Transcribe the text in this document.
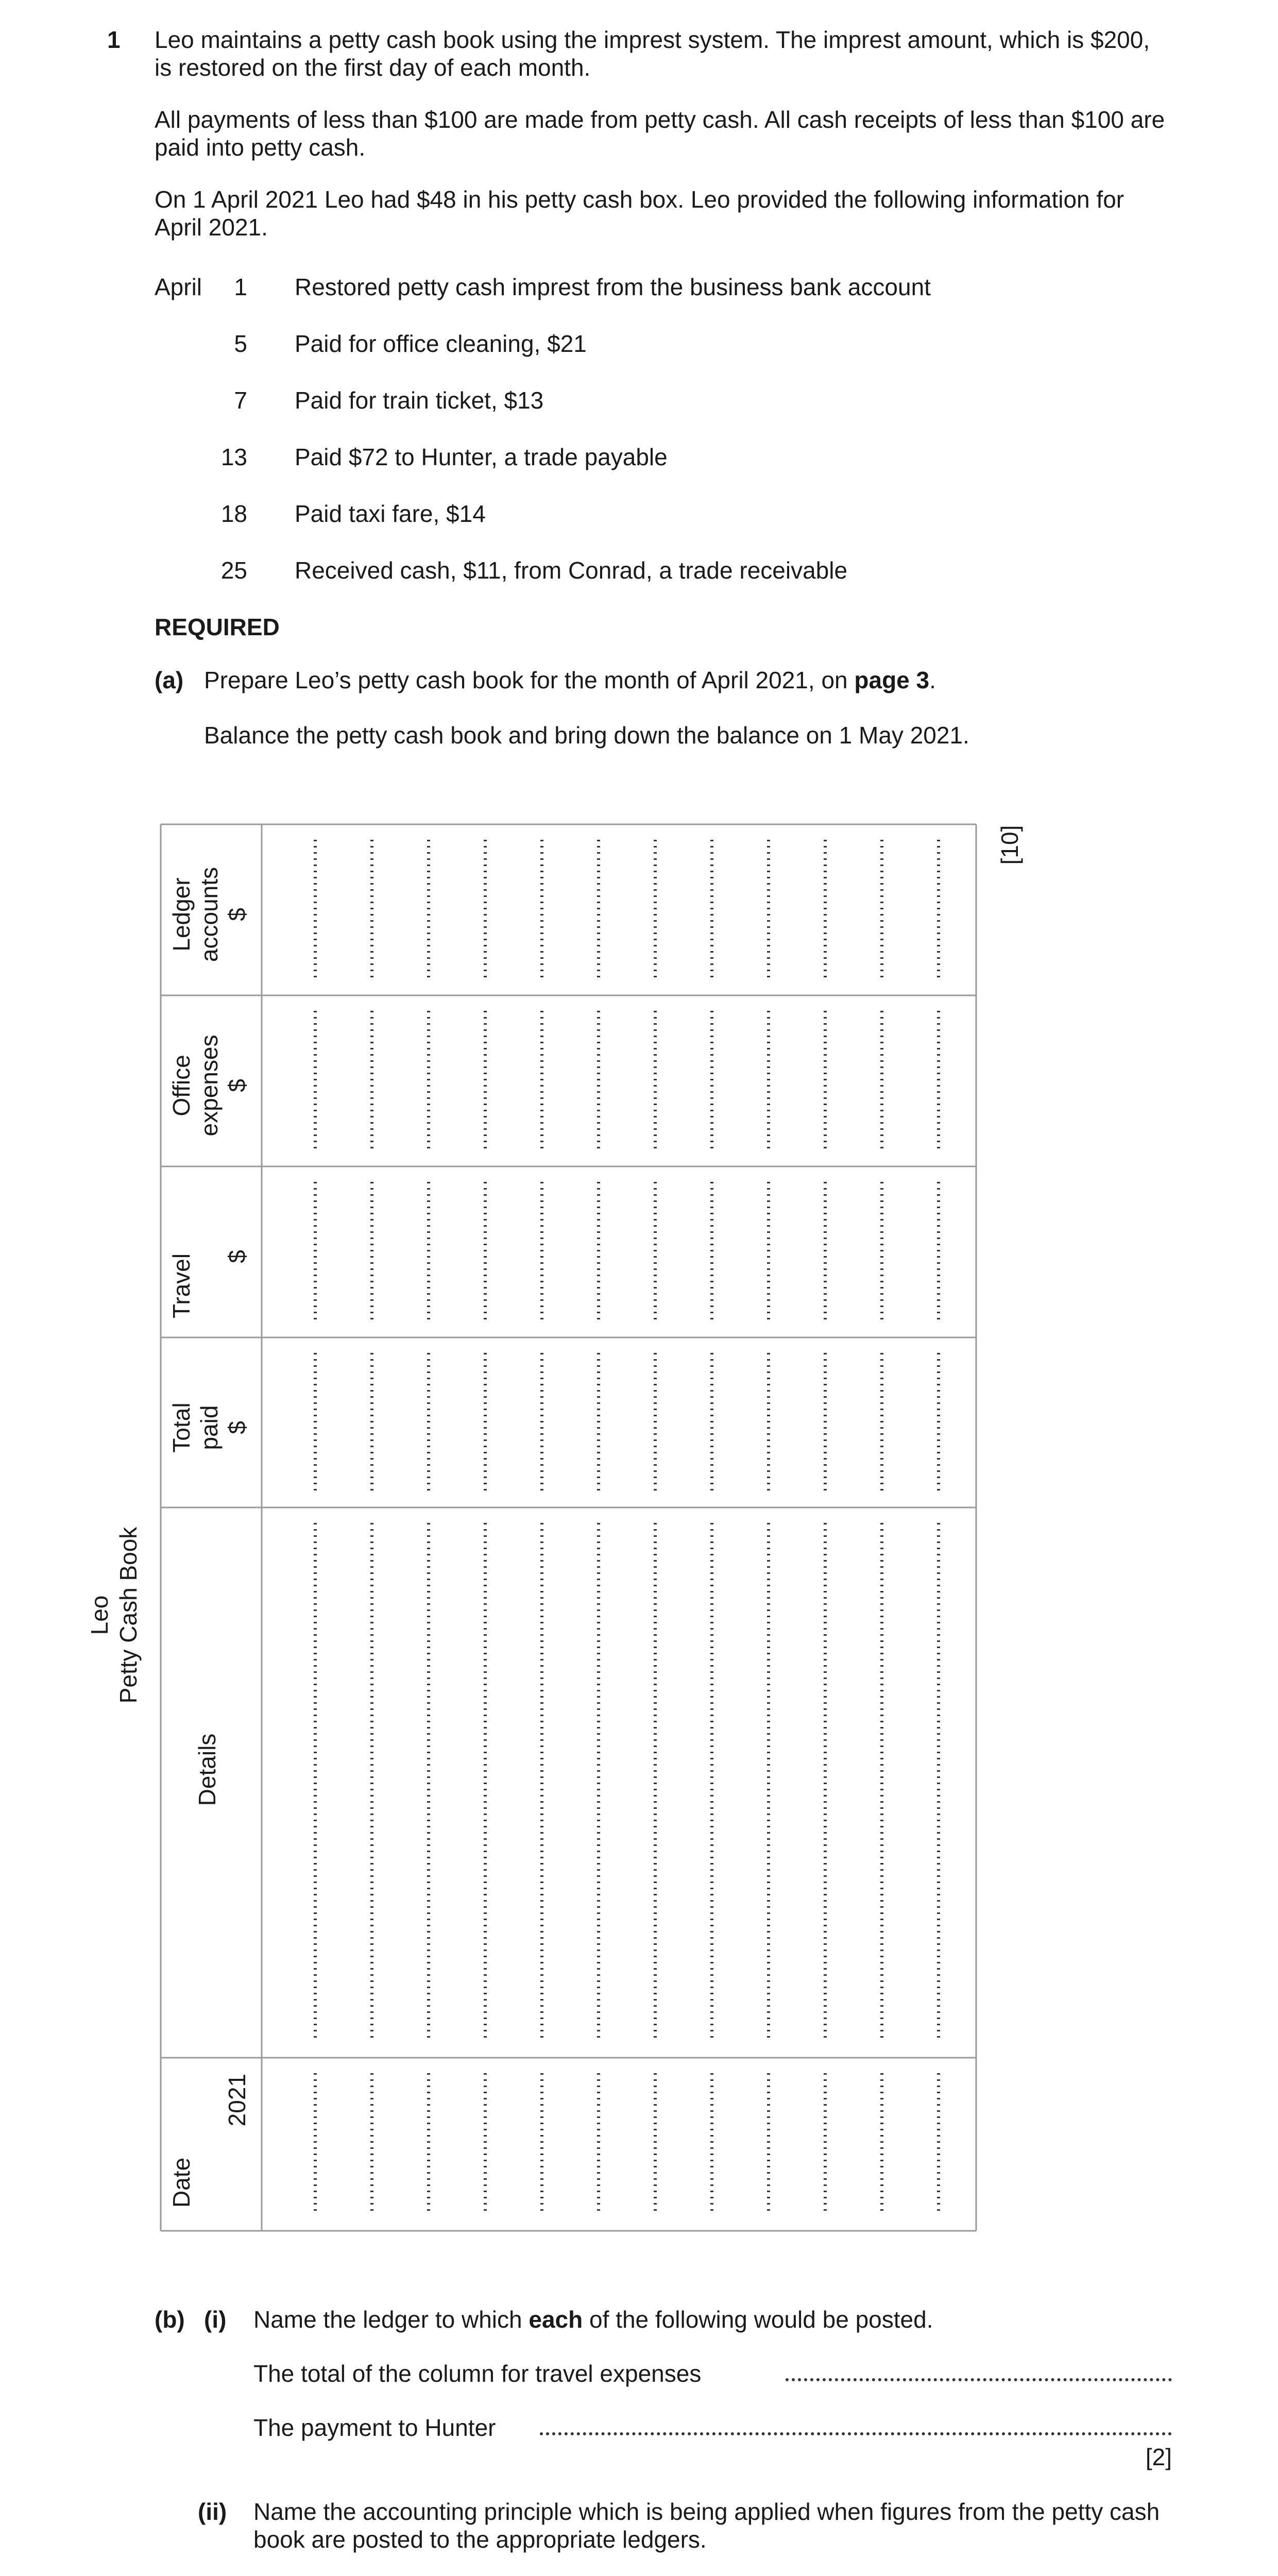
1 Leo maintains a petty cash book using the imprest system. The imprest amount, which is $200, is restored on the first day of each month.
All payments of less than $100 are made from petty cash. All cash receipts of less than $100 are paid into petty cash.
On 1 April 2021 Leo had $48 in his petty cash box. Leo provided the following information for April 2021.
April	1 Restored petty cash imprest from the business bank account
5 Paid for office cleaning, $21
7 Paid for train ticket, $13
13 Paid $72 to Hunter, a trade payable
18 Paid taxi fare, $14
25 Received cash, $11, from Conrad, a trade receivable
REQUIRED
(a) Prepare Leo’s petty cash book for the month of April 2021, on page 3.
Balance the petty cash book and bring down the balance on 1 May 2021.
Leo Petty Cash Book
Ledger accounts $
Office expenses $
Travel $
Total paid $
Details
Date
2021
[10]
(b) (i) Name the ledger to which each of the following would be posted.
The total of the column for travel expenses
The payment to Hunter
[2]
(ii) Name the accounting principle which is being applied when figures from the petty cash book are posted to the appropriate ledgers.
